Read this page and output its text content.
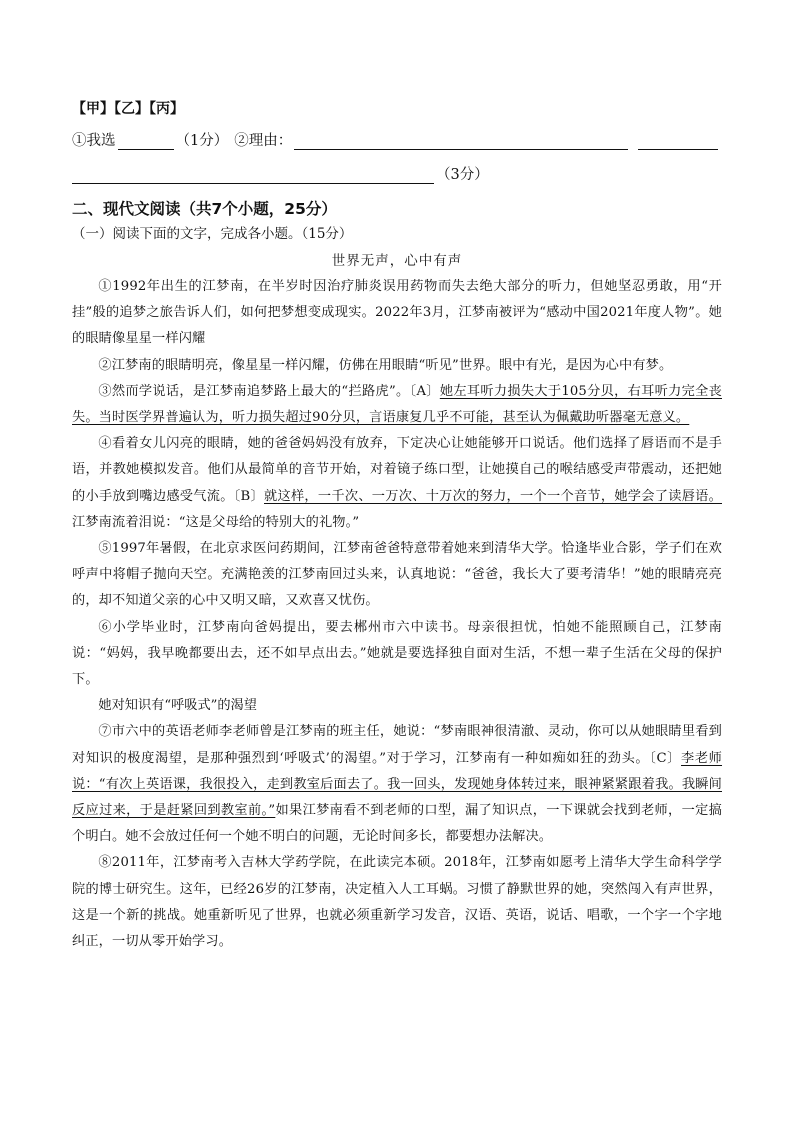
【甲】【乙】【丙】
①我选	（1分） ②理由：
（3分）
二、现代文阅读（共7个小题，25分）
（一）阅读下面的文字，完成各小题。（15分）
世界无声，心中有声

①1992年出生的江梦南，在半岁时因治疗肺炎误用药物而失去绝大部分的听力，但她坚忍勇敢，用“开挂”般的追梦之旅告诉人们，如何把梦想变成现实。2022年3月，江梦南被评为“感动中国2021年度人物”。她的眼睛像星星一样闪耀

②江梦南的眼睛明亮，像星星一样闪耀，仿佛在用眼睛“听见”世界。眼中有光，是因为心中有梦。

③然而学说话，是江梦南追梦路上最大的“拦路虎”。〔A〕她左耳听力损失大于105分贝，右耳听力完全丧失。当时医学界普遍认为，听力损失超过90分贝，言语康复几乎不可能，甚至认为佩戴助听器毫无意义。

④看着女儿闪亮的眼睛，她的爸爸妈妈没有放弃，下定决心让她能够开口说话。他们选择了唇语而不是手语，并教她模拟发音。他们从最简单的音节开始，对着镜子练口型，让她摸自己的喉结感受声带震动，还把她的小手放到嘴边感受气流。〔B〕就这样，一千次、一万次、十万次的努力，一个一个音节，她学会了读唇语。江梦南流着泪说：“这是父母给的特别大的礼物。”

⑤1997年暑假，在北京求医问药期间，江梦南爸爸特意带着她来到清华大学。恰逢毕业合影，学子们在欢呼声中将帽子抛向天空。充满艳羡的江梦南回过头来，认真地说：“爸爸，我长大了要考清华！”她的眼睛亮亮的，却不知道父亲的心中又明又暗，又欢喜又忧伤。

⑥小学毕业时，江梦南向爸妈提出，要去郴州市六中读书。母亲很担忧，怕她不能照顾自己，江梦南说：“妈妈，我早晚都要出去，还不如早点出去。”她就是要选择独自面对生活，不想一辈子生活在父母的保护下。

她对知识有“呼吸式”的渴望

⑦市六中的英语老师李老师曾是江梦南的班主任，她说：“梦南眼神很清澈、灵动，你可以从她眼睛里看到对知识的极度渴望，是那种强烈到‘呼吸式’的渴望。”对于学习，江梦南有一种如痴如狂的劲头。〔C〕李老师说：“有次上英语课，我很投入，走到教室后面去了。我一回头，发现她身体转过来，眼神紧紧跟着我。我瞬间反应过来，于是赶紧回到教室前。”如果江梦南看不到老师的口型，漏了知识点，一下课就会找到老师，一定搞个明白。她不会放过任何一个她不明白的问题，无论时间多长，都要想办法解决。

⑧2011年，江梦南考入吉林大学药学院，在此读完本硕。2018年，江梦南如愿考上清华大学生命科学学院的博士研究生。这年，已经26岁的江梦南，决定植入人工耳蜗。习惯了静默世界的她，突然闯入有声世界，这是一个新的挑战。她重新听见了世界，也就必须重新学习发音，汉语、英语，说话、唱歌，一个字一个字地纠正，一切从零开始学习。
